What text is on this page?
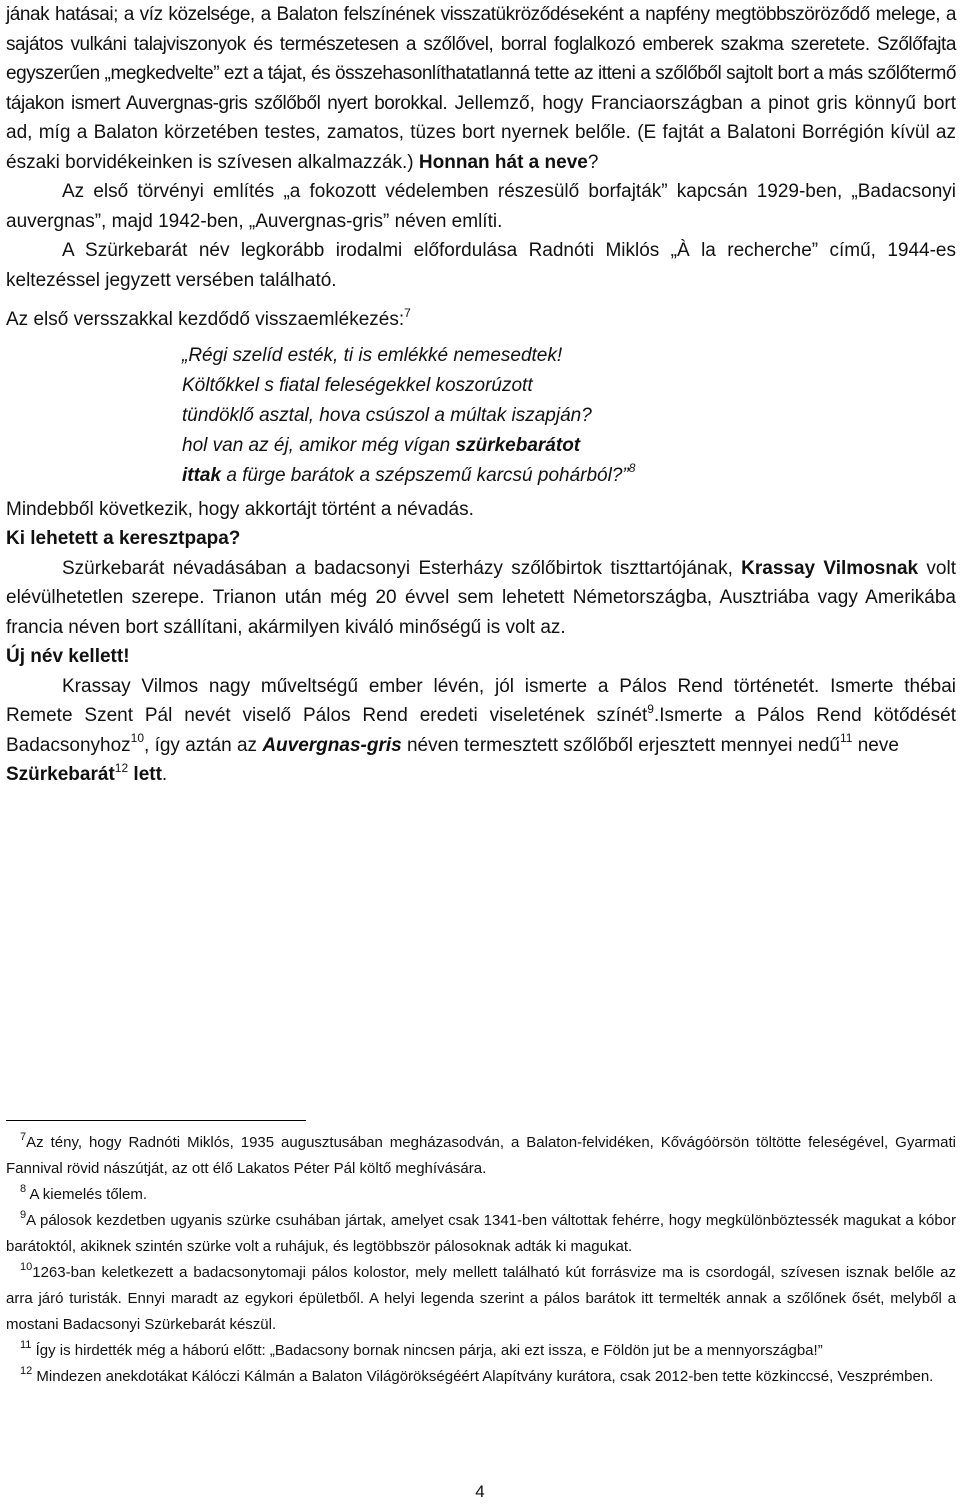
jának hatásai; a víz közelsége, a Balaton felszínének visszatükröződéseként a napfény megtöbbszöröződő melege, a sajátos vulkáni talajviszonyok és természetesen a szőlővel, borral foglalkozó emberek szakma szeretete. Szőlőfajta egyszerűen „megkedvelte” ezt a tájat, és összehasonlíthatatlanná tette az itteni a szőlőből sajtolt bort a más szőlőtermő tájakon ismert Auvergnas-gris szőlőből nyert borokkal. Jellemző, hogy Franciaországban a pinot gris könnyű bort ad, míg a Balaton körzetében testes, zamatos, tüzes bort nyernek belőle. (E fajtát a Balatoni Borrégión kívül az északi borvidékeinken is szívesen alkalmazzák.) Honnan hát a neve?

Az első törvényi említés „a fokozott védelemben részesülő borfajták” kapcsán 1929-ben, „Badacsonyi auvergnas”, majd 1942-ben, „Auvergnas-gris” néven említi.

A Szürkebarát név legkorább irodalmi előfordulása Radnóti Miklós „À la recherche” című, 1944-es keltezéssel jegyzett versében található.

Az első versszakkal kezdődő visszaemlékezés:$^7$

„Régi szelíd esték, ti is emlékké nemesedtek!
Költőkkel s fiatal feleségekkel koszorúzott
tündöklő asztal, hova csúszol a múltak iszapján?
hol van az éj, amikor még vígan szürkebarátot
ittak a fürge barátok a szépszemű karcsú pohárból?”$^8$

Mindebből következik, hogy akkortájt történt a névadás.

Ki lehetett a keresztpapa?

Szürkebarát névadásában a badacsonyi Esterházy szőlőbirtok tiszttartójának, Krassay Vilmosnak volt elévülhetetlen szerepe. Trianon után még 20 évvel sem lehetett Németországba, Ausztriába vagy Amerikába francia néven bort szállítani, akármilyen kiváló minőségű is volt az.

Új név kellett!

Krassay Vilmos nagy műveltségű ember lévén, jól ismerte a Pálos Rend történetét. Ismerte thébai Remete Szent Pál nevét viselő Pálos Rend eredeti viseletének színét$^9$.Ismerte a Pálos Rend kötődését Badacsonyhoz$^{10}$, így aztán az Auvergnas-gris néven termesztett szőlőből erjesztett mennyei nedű$^{11}$ neve

Szürkebarát$^{12}$ lett.

$^7$Az tény, hogy Radnóti Miklós, 1935 augusztusában megházasodván, a Balaton-felvidéken, Kővágóörsön töltötte feleségével, Gyarmati Fannival rövid nászútját, az ott élő Lakatos Péter Pál költő meghívására.
$^8$ A kiemelés tőlem.
$^9$A pálosok kezdetben ugyanis szürke csuhában jártak, amelyet csak 1341-ben váltottak fehérre, hogy megkülönböztessék magukat a kóbor barátoktól, akiknek szintén szürke volt a ruhájuk, és legtöbbször pálosoknak adták ki magukat.
$^{10}$1263-ban keletkezett a badacsonytomaji pálos kolostor, mely mellett található kút forrásvize ma is csordogál, szívesen isznak belőle az arra járó turisták. Ennyi maradt az egykori épületből. A helyi legenda szerint a pálos barátok itt termelték annak a szőlőnek ősét, melyből a mostani Badacsonyi Szürkebarát készül.
$^{11}$ Így is hirdették még a háború előtt: „Badacsony bornak nincsen párja, aki ezt issza, e Földön jut be a mennyországba!”
$^{12}$ Mindezen anekdotákat Kálóczi Kálmán a Balaton Világörökségéért Alapítvány kurátora, csak 2012-ben tette közkinccsé, Veszprémben.
4
